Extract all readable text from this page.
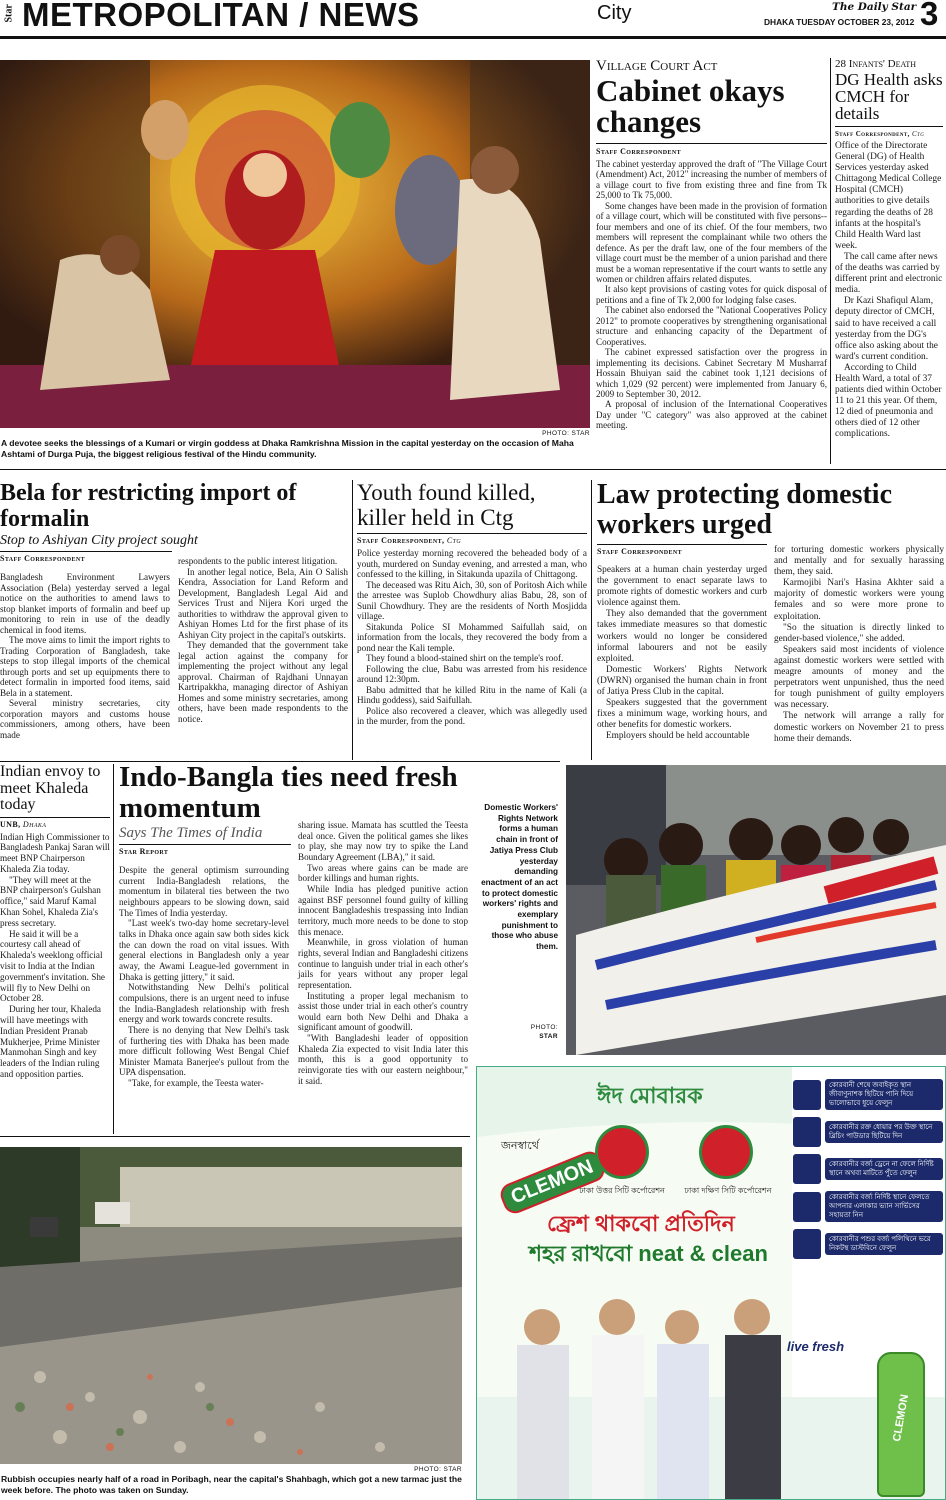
Star METROPOLITAN / NEWS	City	The Daily Star
DHAKA TUESDAY OCTOBER 23, 2012 3
PHOTO: STAR
A devotee seeks the blessings of a Kumari or virgin goddess at Dhaka Ramkrishna Mission in the capital yesterday on the occasion of Maha Ashtami of Durga Puja, the biggest religious festival of the Hindu community.
Village Court Act
Cabinet okays changes
Staff Correspondent

The cabinet yesterday approved the draft of "The Village Court (Amendment) Act, 2012" increasing the number of members of a village court to five from existing three and fine from Tk 25,000 to Tk 75,000.

Some changes have been made in the provision of formation of a village court, which will be constituted with five persons--four members and one of its chief. Of the four members, two members will represent the complainant while two others the defence. As per the draft law, one of the four members of the village court must be the member of a union parishad and there must be a woman representative if the court wants to settle any women or children affairs related disputes.

It also kept provisions of casting votes for quick disposal of petitions and a fine of Tk 2,000 for lodging false cases.

The cabinet also endorsed the "National Cooperatives Policy 2012" to promote cooperatives by strengthening organisational structure and enhancing capacity of the Department of Cooperatives.

The cabinet expressed satisfaction over the progress in implementing its decisions. Cabinet Secretary M Musharraf Hossain Bhuiyan said the cabinet took 1,121 decisions of which 1,029 (92 percent) were implemented from January 6, 2009 to September 30, 2012.

A proposal of inclusion of the International Cooperatives Day under "C category" was also approved at the cabinet meeting.

28 Infants' Death
DG Health asks CMCH for details
Staff Correspondent, Ctg

Office of the Directorate General (DG) of Health Services yesterday asked Chittagong Medical College Hospital (CMCH) authorities to give details regarding the deaths of 28 infants at the hospital's Child Health Ward last week.

The call came after news of the deaths was carried by different print and electronic media.

Dr Kazi Shafiqul Alam, deputy director of CMCH, said to have received a call yesterday from the DG's office also asking about the ward's current condition.

According to Child Health Ward, a total of 37 patients died within October 11 to 21 this year. Of them, 12 died of pneumonia and others died of 12 other complications.

Bela for restricting import of formalin
Stop to Ashiyan City project sought
Staff Correspondent

Bangladesh Environment Lawyers Association (Bela) yesterday served a legal notice on the authorities to amend laws to stop blanket imports of formalin and beef up monitoring to rein in use of the deadly chemical in food items.

The move aims to limit the import rights to Trading Corporation of Bangladesh, take steps to stop illegal imports of the chemical through ports and set up equipments there to detect formalin in imported food items, said Bela in a statement.

Several ministry secretaries, city corporation mayors and customs house commissioners, among others, have been made

respondents to the public interest litigation.

In another legal notice, Bela, Ain O Salish Kendra, Association for Land Reform and Development, Bangladesh Legal Aid and Services Trust and Nijera Kori urged the authorities to withdraw the approval given to Ashiyan Homes Ltd for the first phase of its Ashiyan City project in the capital's outskirts.

They demanded that the government take legal action against the company for implementing the project without any legal approval. Chairman of Rajdhani Unnayan Kartripakkha, managing director of Ashiyan Homes and some ministry secretaries, among others, have been made respondents to the notice.

Youth found killed, killer held in Ctg
Staff Correspondent, Ctg

Police yesterday morning recovered the beheaded body of a youth, murdered on Sunday evening, and arrested a man, who confessed to the killing, in Sitakunda upazila of Chittagong.

The deceased was Ritu Aich, 30, son of Poritosh Aich while the arrestee was Suplob Chowdhury alias Babu, 28, son of Sunil Chowdhury. They are the residents of North Mosjidda village.

Sitakunda Police SI Mohammed Saifullah said, on information from the locals, they recovered the body from a pond near the Kali temple.

They found a blood-stained shirt on the temple's roof.

Following the clue, Babu was arrested from his residence around 12:30pm.

Babu admitted that he killed Ritu in the name of Kali (a Hindu goddess), said Saifullah.

Police also recovered a cleaver, which was allegedly used in the murder, from the pond.

Law protecting domestic workers urged
Staff Correspondent

Speakers at a human chain yesterday urged the government to enact separate laws to promote rights of domestic workers and curb violence against them.

They also demanded that the government takes immediate measures so that domestic workers would no longer be considered informal labourers and not be easily exploited.

Domestic Workers' Rights Network (DWRN) organised the human chain in front of Jatiya Press Club in the capital.

Speakers suggested that the government fixes a minimum wage, working hours, and other benefits for domestic workers.

Employers should be held accountable

for torturing domestic workers physically and mentally and for sexually harassing them, they said.

Karmojibi Nari's Hasina Akhter said a majority of domestic workers were young females and so were more prone to exploitation.

"So the situation is directly linked to gender-based violence," she added.

Speakers said most incidents of violence against domestic workers were settled with meagre amounts of money and the perpetrators went unpunished, thus the need for tough punishment of guilty employers was necessary.

The network will arrange a rally for domestic workers on November 21 to press home their demands.

Indian envoy to meet Khaleda today
UNB, Dhaka

Indian High Commissioner to Bangladesh Pankaj Saran will meet BNP Chairperson Khaleda Zia today.

"They will meet at the BNP chairperson's Gulshan office," said Maruf Kamal Khan Sohel, Khaleda Zia's press secretary.

He said it will be a courtesy call ahead of Khaleda's weeklong official visit to India at the Indian government's invitation. She will fly to New Delhi on October 28.

During her tour, Khaleda will have meetings with Indian President Pranab Mukherjee, Prime Minister Manmohan Singh and key leaders of the Indian ruling and opposition parties.

Indo-Bangla ties need fresh momentum
Says The Times of India
Star Report

Despite the general optimism surrounding current India-Bangladesh relations, the momentum in bilateral ties between the two neighbours appears to be slowing down, said The Times of India yesterday.

"Last week's two-day home secretary-level talks in Dhaka once again saw both sides kick the can down the road on vital issues. With general elections in Bangladesh only a year away, the Awami League-led government in Dhaka is getting jittery," it said.

Notwithstanding New Delhi's political compulsions, there is an urgent need to infuse the India-Bangladesh relationship with fresh energy and work towards concrete results.

There is no denying that New Delhi's task of furthering ties with Dhaka has been made more difficult following West Bengal Chief Minister Mamata Banerjee's pullout from the UPA dispensation.

"Take, for example, the Teesta water-

sharing issue. Mamata has scuttled the Teesta deal once. Given the political games she likes to play, she may now try to spike the Land Boundary Agreement (LBA)," it said.

Two areas where gains can be made are border killings and human rights.

While India has pledged punitive action against BSF personnel found guilty of killing innocent Bangladeshis trespassing into Indian territory, much more needs to be done to stop this menace.

Meanwhile, in gross violation of human rights, several Indian and Bangladeshi citizens continue to languish under trial in each other's jails for years without any proper legal representation.

Instituting a proper legal mechanism to assist those under trial in each other's country would earn both New Delhi and Dhaka a significant amount of goodwill.

"With Bangladeshi leader of opposition Khaleda Zia expected to visit India later this month, this is a good opportunity to reinvigorate ties with our eastern neighbour," it said.

Domestic Workers' Rights Network forms a human chain in front of Jatiya Press Club yesterday demanding enactment of an act to protect domestic workers' rights and exemplary punishment to those who abuse them.
PHOTO:
STAR
PHOTO: STAR
Rubbish occupies nearly half of a road in Poribagh, near the capital's Shahbagh, which got a new tarmac just the week before. The photo was taken on Sunday.
ঈদ মোবারক
জনস্বার্থে
CLEMON
ঢাকা উত্তর সিটি কর্পোরেশন	ঢাকা দক্ষিণ সিটি কর্পোরেশন
ফ্রেশ থাকবো প্রতিদিন
শহর রাখবো neat & clean
live fresh
CLEMON
কোরবানী শেষে জবাইকৃত স্থান জীবাণুনাশক ছিটিয়ে পানি দিয়ে ভালোভাবে ধুয়ে ফেলুন
কোরবানীর রক্ত ধোয়ার পর উক্ত স্থানে ব্লিচিং পাউডার ছিটিয়ে দিন
কোরবানীর বর্জ্য ড্রেনে না ফেলে নির্দিষ্ট স্থানে অথবা মাটিতে পুঁতে ফেলুন
কোরবানীর বর্জ্য নির্দিষ্ট স্থানে ফেলতে আপনার এলাকার ভ্যান সার্ভিসের সহায়তা নিন
কোরবানীর পশুর বর্জ্য পলিথিনে ভরে নিকটস্থ ডাস্টবিনে ফেলুন
